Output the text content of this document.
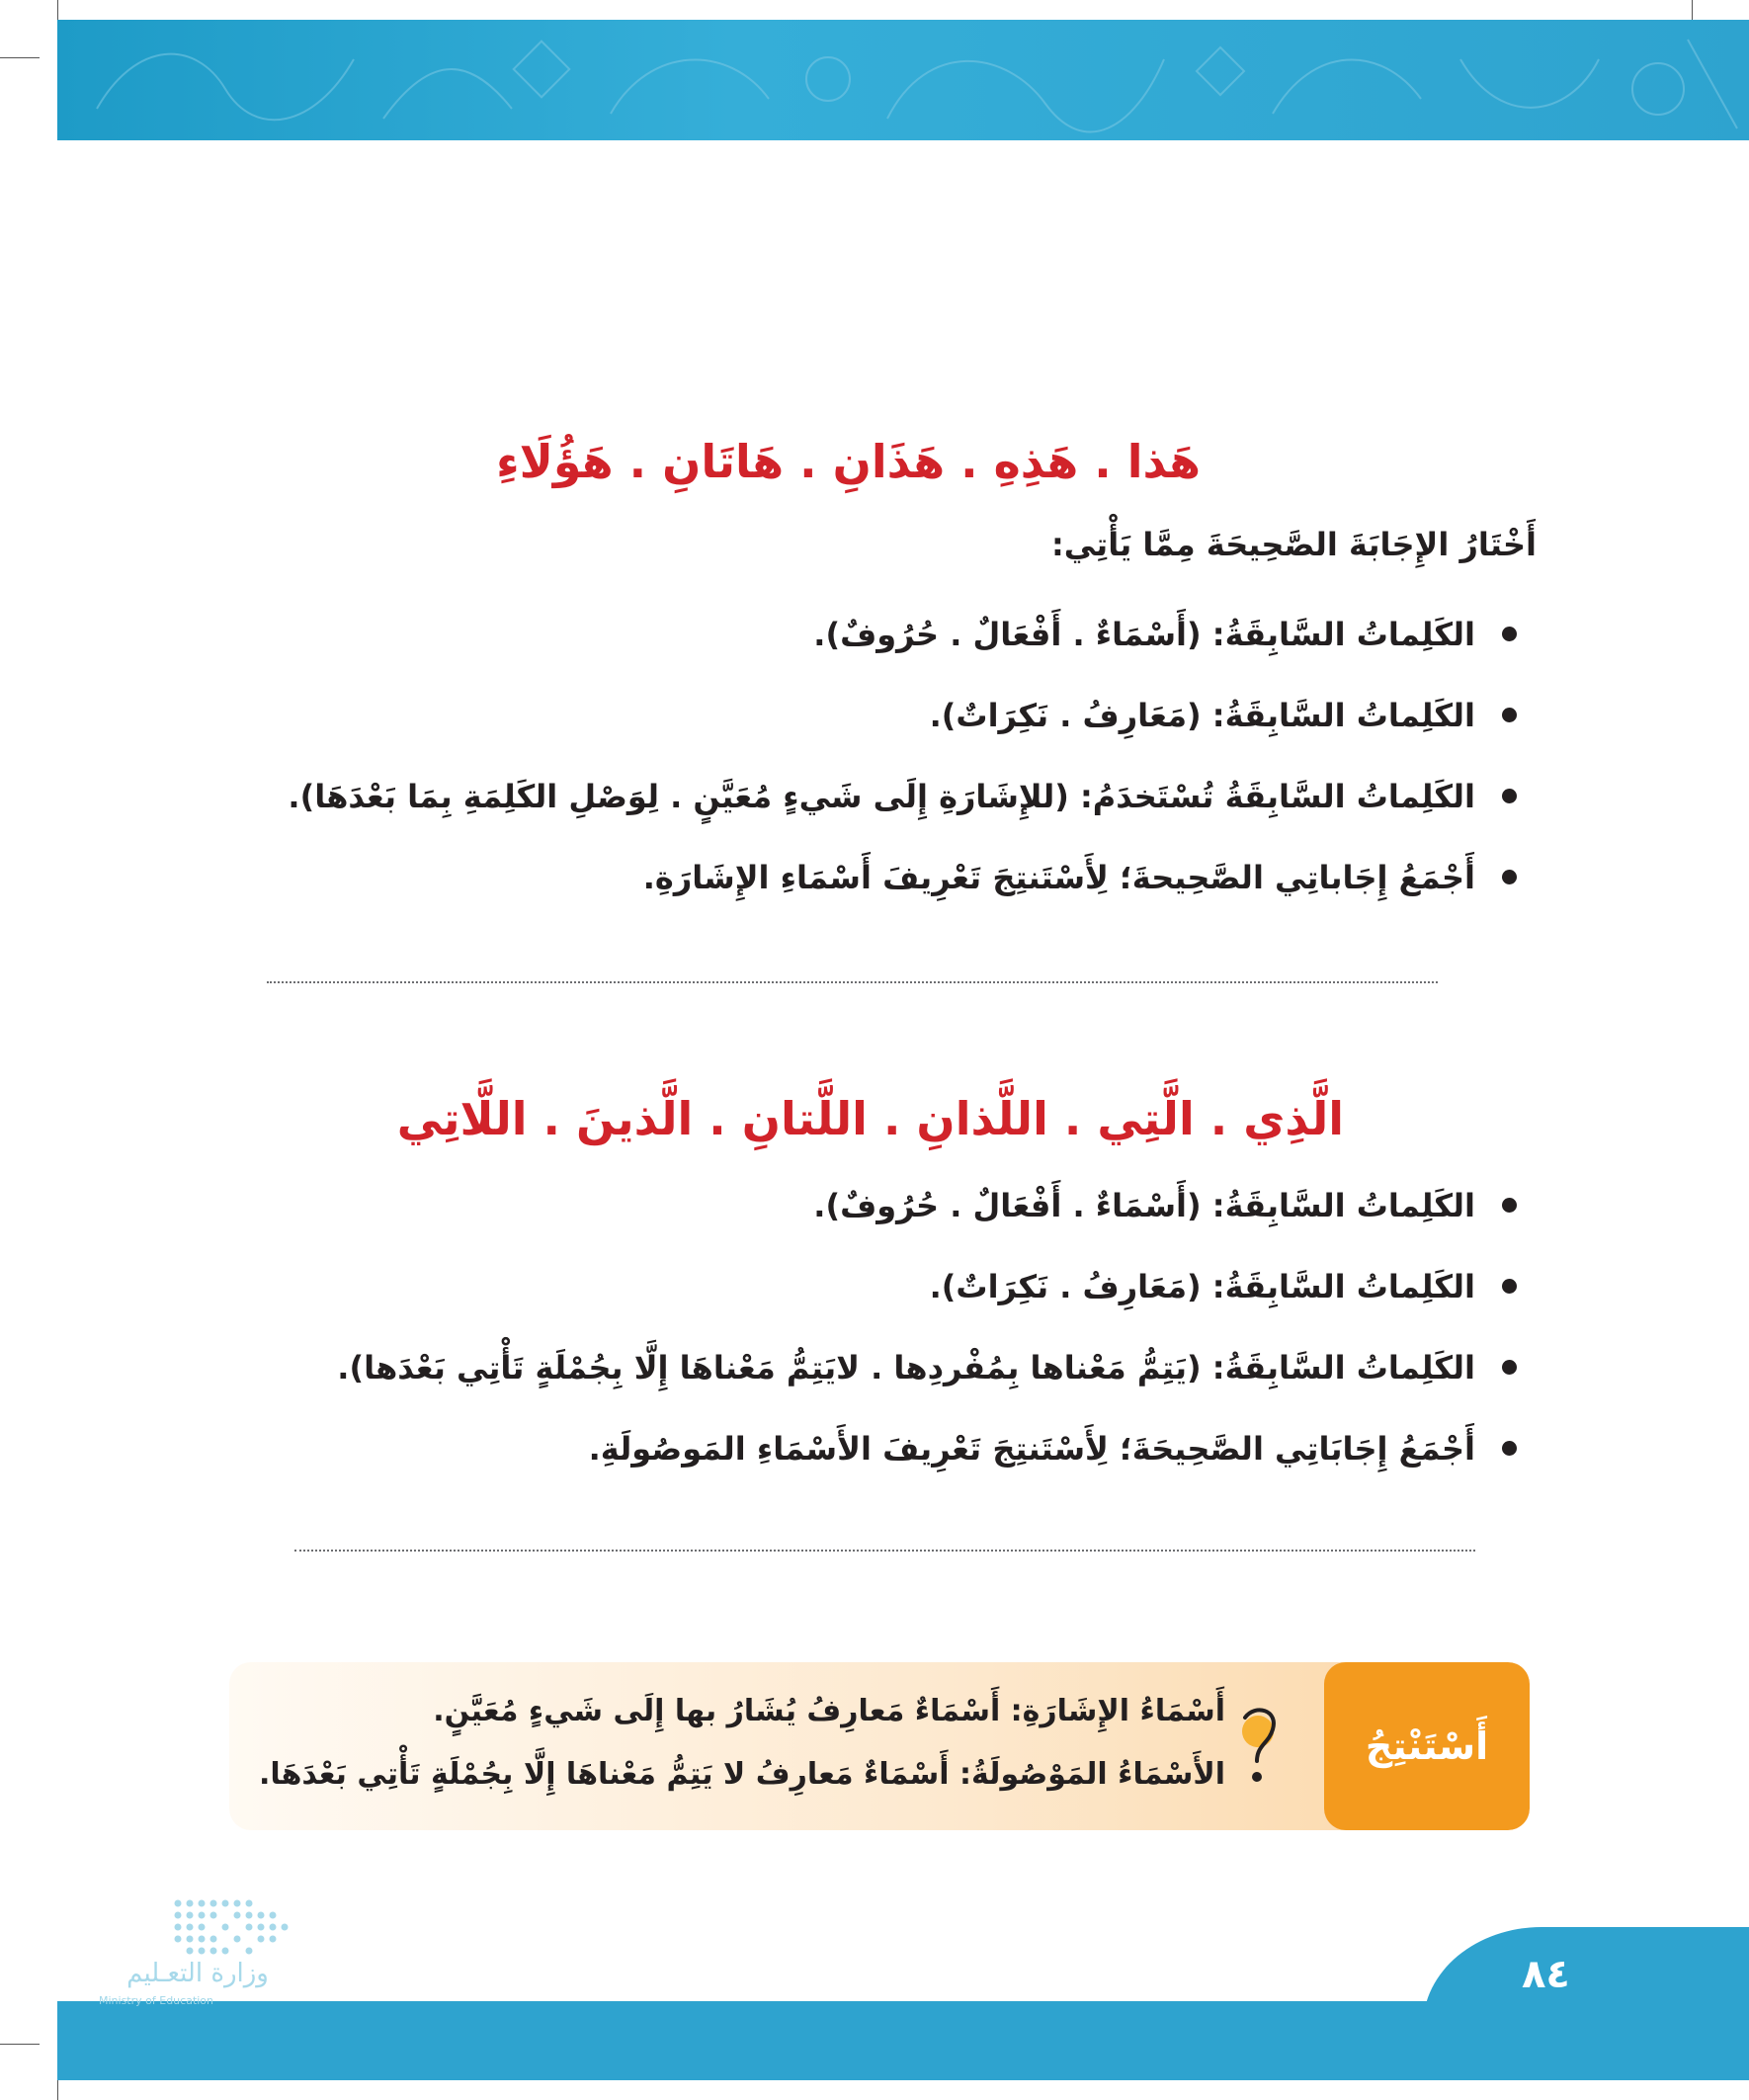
هَذا . هَذِهِ . هَذَانِ . هَاتَانِ . هَؤُلَاءِ

أَخْتَارُ الإِجَابَةَ الصَّحِيحَةَ مِمَّا يَأْتِي:

الكَلِماتُ السَّابِقَةُ: (أَسْمَاءٌ . أَفْعَالٌ . حُرُوفٌ).
الكَلِماتُ السَّابِقَةُ: (مَعَارِفُ . نَكِرَاتٌ).
الكَلِماتُ السَّابِقَةُ تُسْتَخدَمُ: (للإِشَارَةِ إِلَى شَيءٍ مُعَيَّنٍ . لِوَصْلِ الكَلِمَةِ بِمَا بَعْدَهَا).
أَجْمَعُ إِجَاباتِي الصَّحِيحةَ؛ لِأَسْتَنتِجَ تَعْرِيفَ أَسْمَاءِ الإِشَارَةِ.
الَّذِي . الَّتِي . اللَّذانِ . اللَّتانِ . الَّذينَ . اللَّاتِي
الكَلِماتُ السَّابِقَةُ: (أَسْمَاءٌ . أَفْعَالٌ . حُرُوفٌ).
الكَلِماتُ السَّابِقَةُ: (مَعَارِفُ . نَكِرَاتٌ).
الكَلِماتُ السَّابِقَةُ: (يَتِمُّ مَعْناها بِمُفْردِها . لايَتِمُّ مَعْناهَا إِلَّا بِجُمْلَةٍ تَأْتِي بَعْدَها).
أَجْمَعُ إِجَابَاتِي الصَّحِيحَةَ؛ لِأَسْتَنتِجَ تَعْرِيفَ الأَسْمَاءِ المَوصُولَةِ.
أَسْتَنْتِجُ

أَسْمَاءُ الإِشَارَةِ: أَسْمَاءٌ مَعارِفُ يُشَارُ بها إِلَى شَيءٍ مُعَيَّنٍ.

الأَسْمَاءُ المَوْصُولَةُ: أَسْمَاءٌ مَعارِفُ لا يَتِمُّ مَعْناهَا إِلَّا بِجُمْلَةٍ تَأْتِي بَعْدَهَا.

٨٤
وزارة التعـليم
Ministry of Education
